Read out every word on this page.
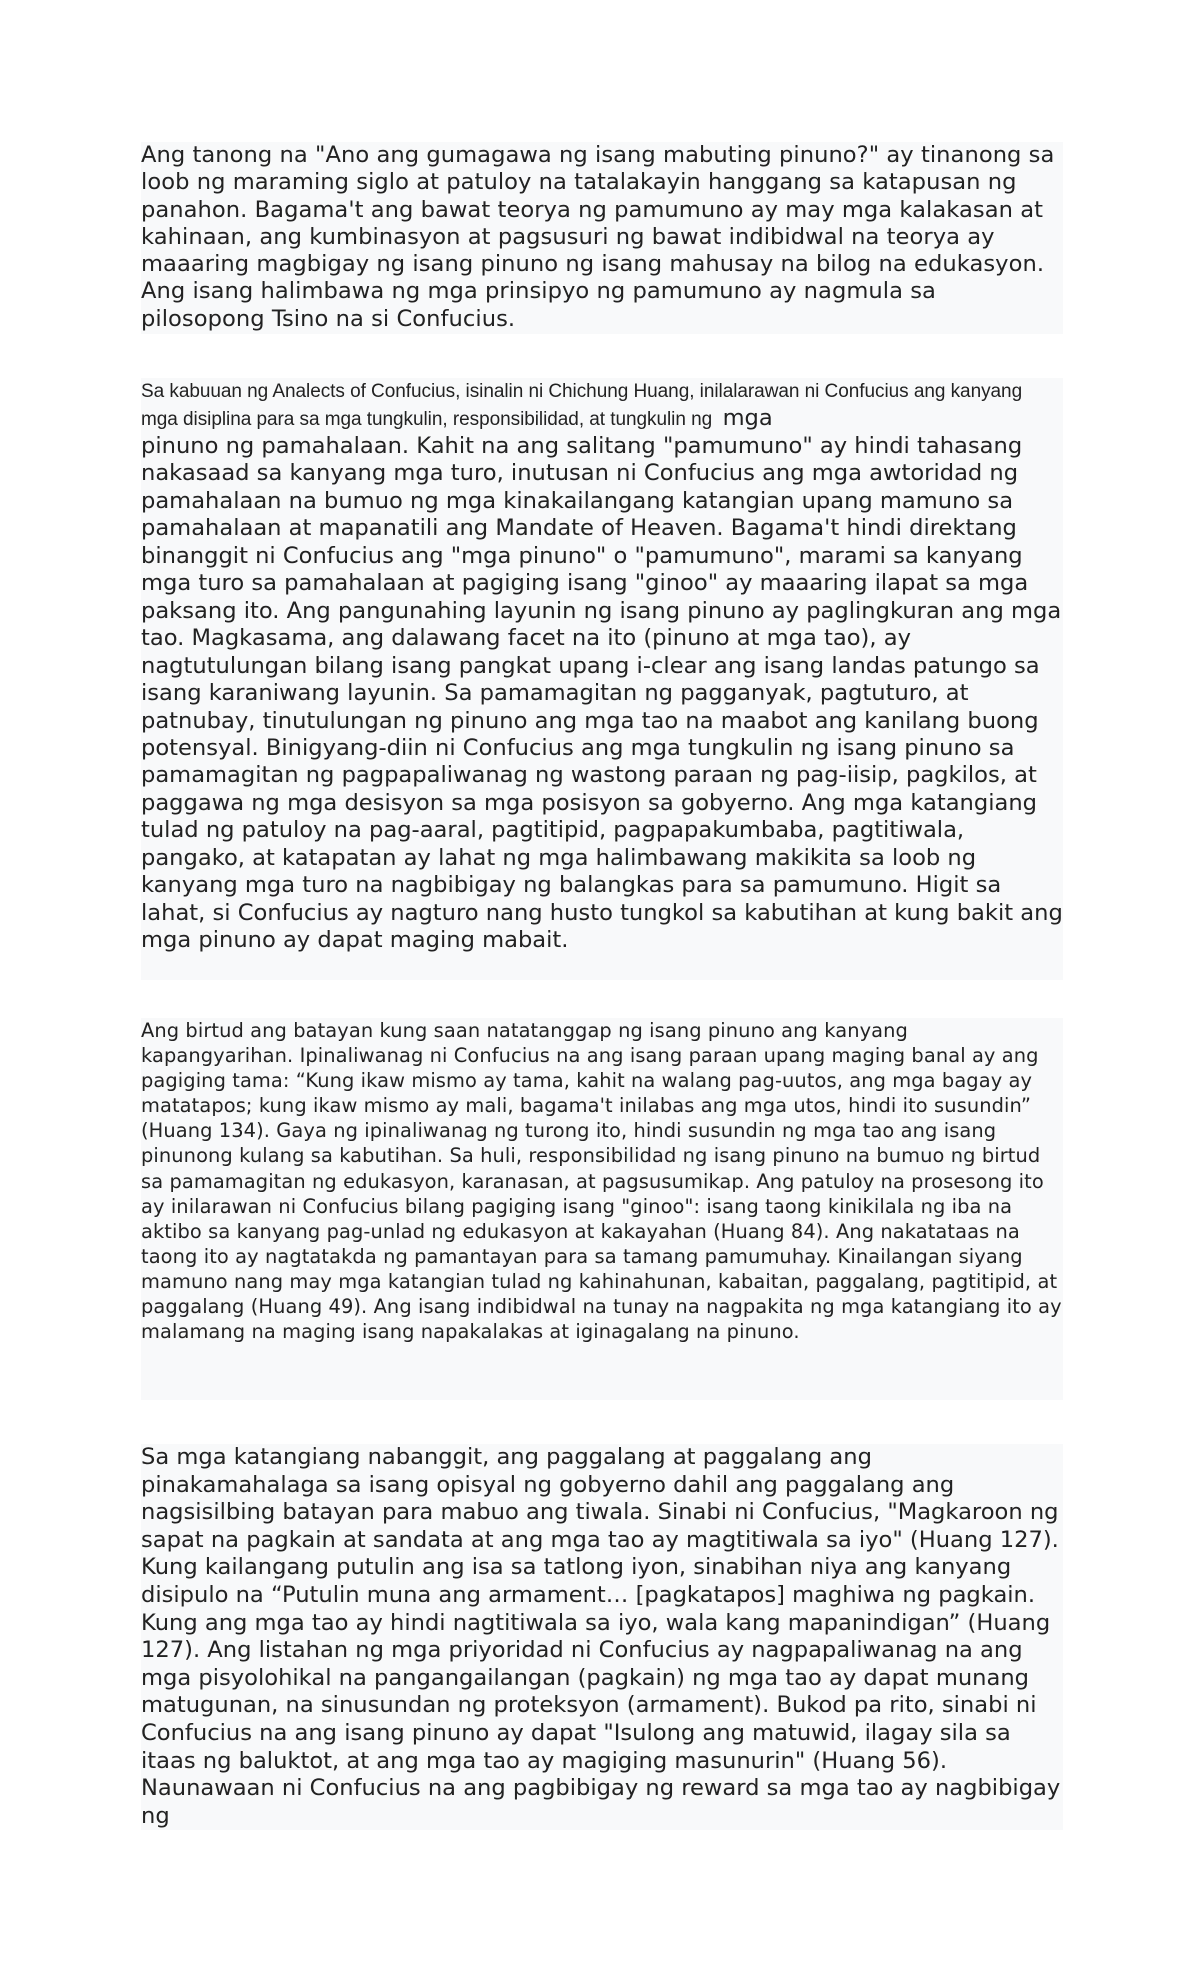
Ang tanong na "Ano ang gumagawa ng isang mabuting pinuno?" ay tinanong sa loob ng maraming siglo at patuloy na tatalakayin hanggang sa katapusan ng panahon. Bagama't ang bawat teorya ng pamumuno ay may mga kalakasan at kahinaan, ang kumbinasyon at pagsusuri ng bawat indibidwal na teorya ay maaaring magbigay ng isang pinuno ng isang mahusay na bilog na edukasyon. Ang isang halimbawa ng mga prinsipyo ng pamumuno ay nagmula sa pilosopong Tsino na si Confucius.

Sa kabuuan ng Analects of Confucius, isinalin ni Chichung Huang, inilalarawan ni Confucius ang kanyang mga disiplina para sa mga tungkulin, responsibilidad, at tungkulin ng mga

pinuno ng pamahalaan. Kahit na ang salitang "pamumuno" ay hindi tahasang nakasaad sa kanyang mga turo, inutusan ni Confucius ang mga awtoridad ng pamahalaan na bumuo ng mga kinakailangang katangian upang mamuno sa pamahalaan at mapanatili ang Mandate of Heaven. Bagama't hindi direktang binanggit ni Confucius ang "mga pinuno" o "pamumuno", marami sa kanyang mga turo sa pamahalaan at pagiging isang "ginoo" ay maaaring ilapat sa mga paksang ito. Ang pangunahing layunin ng isang pinuno ay paglingkuran ang mga tao. Magkasama, ang dalawang facet na ito (pinuno at mga tao), ay nagtutulungan bilang isang pangkat upang i-clear ang isang landas patungo sa isang karaniwang layunin. Sa pamamagitan ng pagganyak, pagtuturo, at patnubay, tinutulungan ng pinuno ang mga tao na maabot ang kanilang buong potensyal. Binigyang-diin ni Confucius ang mga tungkulin ng isang pinuno sa pamamagitan ng pagpapaliwanag ng wastong paraan ng pag-iisip, pagkilos, at paggawa ng mga desisyon sa mga posisyon sa gobyerno. Ang mga katangiang tulad ng patuloy na pag-aaral, pagtitipid, pagpapakumbaba, pagtitiwala, pangako, at katapatan ay lahat ng mga halimbawang makikita sa loob ng kanyang mga turo na nagbibigay ng balangkas para sa pamumuno. Higit sa lahat, si Confucius ay nagturo nang husto tungkol sa kabutihan at kung bakit ang mga pinuno ay dapat maging mabait.

Ang birtud ang batayan kung saan natatanggap ng isang pinuno ang kanyang kapangyarihan. Ipinaliwanag ni Confucius na ang isang paraan upang maging banal ay ang pagiging tama: “Kung ikaw mismo ay tama, kahit na walang pag-uutos, ang mga bagay ay matatapos; kung ikaw mismo ay mali, bagama't inilabas ang mga utos, hindi ito susundin” (Huang 134). Gaya ng ipinaliwanag ng turong ito, hindi susundin ng mga tao ang isang pinunong kulang sa kabutihan. Sa huli, responsibilidad ng isang pinuno na bumuo ng birtud sa pamamagitan ng edukasyon, karanasan, at pagsusumikap. Ang patuloy na prosesong ito ay inilarawan ni Confucius bilang pagiging isang "ginoo": isang taong kinikilala ng iba na aktibo sa kanyang pag-unlad ng edukasyon at kakayahan (Huang 84). Ang nakatataas na taong ito ay nagtatakda ng pamantayan para sa tamang pamumuhay. Kinailangan siyang mamuno nang may mga katangian tulad ng kahinahunan, kabaitan, paggalang, pagtitipid, at paggalang (Huang 49). Ang isang indibidwal na tunay na nagpakita ng mga katangiang ito ay malamang na maging isang napakalakas at iginagalang na pinuno.

Sa mga katangiang nabanggit, ang paggalang at paggalang ang pinakamahalaga sa isang opisyal ng gobyerno dahil ang paggalang ang nagsisilbing batayan para mabuo ang tiwala. Sinabi ni Confucius, "Magkaroon ng sapat na pagkain at sandata at ang mga tao ay magtitiwala sa iyo" (Huang 127). Kung kailangang putulin ang isa sa tatlong iyon, sinabihan niya ang kanyang disipulo na “Putulin muna ang armament… [pagkatapos] maghiwa ng pagkain. Kung ang mga tao ay hindi nagtitiwala sa iyo, wala kang mapanindigan” (Huang 127). Ang listahan ng mga priyoridad ni Confucius ay nagpapaliwanag na ang mga pisyolohikal na pangangailangan (pagkain) ng mga tao ay dapat munang matugunan, na sinusundan ng proteksyon (armament). Bukod pa rito, sinabi ni Confucius na ang isang pinuno ay dapat "Isulong ang matuwid, ilagay sila sa itaas ng baluktot, at ang mga tao ay magiging masunurin" (Huang 56). Naunawaan ni Confucius na ang pagbibigay ng reward sa mga tao ay nagbibigay ng
